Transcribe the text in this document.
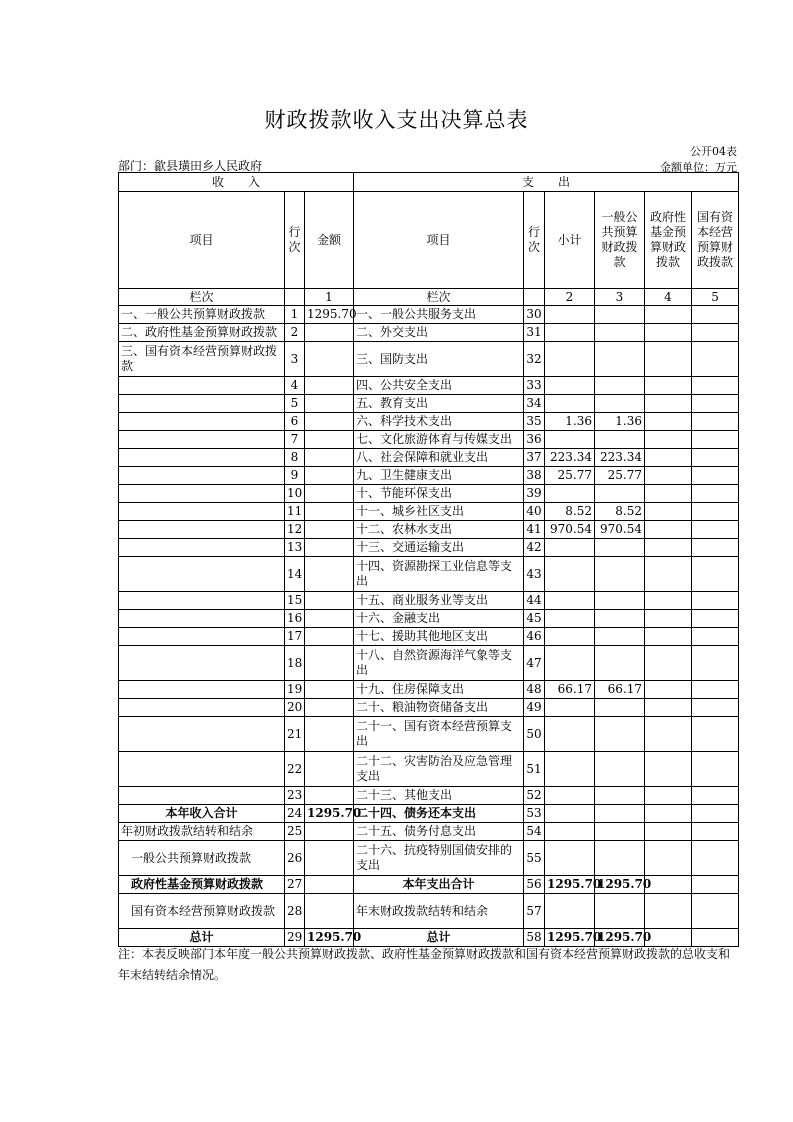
财政拨款收入支出决算总表
公开04表
部门：歙县璜田乡人民政府	金额单位：万元
收　　入			支　　出					
项目	行次	金额	项目	行次	小计	一般公共预算财政拨款	政府性基金预算财政拨款	国有资本经营预算财政拨款
栏次		1	栏次		2	3	4	5
一、一般公共预算财政拨款	1	1295.70	一、一般公共服务支出	30				
二、政府性基金预算财政拨款	2		二、外交支出	31				
三、国有资本经营预算财政拨款	3		三、国防支出	32				
	4		四、公共安全支出	33				
	5		五、教育支出	34				
	6		六、科学技术支出	35	1.36	1.36		
	7		七、文化旅游体育与传媒支出	36				
	8		八、社会保障和就业支出	37	223.34	223.34		
	9		九、卫生健康支出	38	25.77	25.77		
	10		十、节能环保支出	39				
	11		十一、城乡社区支出	40	8.52	8.52		
	12		十二、农林水支出	41	970.54	970.54		
	13		十三、交通运输支出	42				
	14		十四、资源勘探工业信息等支出	43				
	15		十五、商业服务业等支出	44				
	16		十六、金融支出	45				
	17		十七、援助其他地区支出	46				
	18		十八、自然资源海洋气象等支出	47				
	19		十九、住房保障支出	48	66.17	66.17		
	20		二十、粮油物资储备支出	49				
	21		二十一、国有资本经营预算支出	50				
	22		二十二、灾害防治及应急管理支出	51				
	23		二十三、其他支出	52				
本年收入合计	24	1295.70	二十四、债务还本支出	53				
年初财政拨款结转和结余	25		二十五、债务付息支出	54				
一般公共预算财政拨款	26		二十六、抗疫特别国债安排的支出	55				
政府性基金预算财政拨款	27		本年支出合计	56	1295.70	1295.70		
国有资本经营预算财政拨款	28		年末财政拨款结转和结余	57				
总计	29	1295.70	总计	58	1295.70	1295.70		
注：本表反映部门本年度一般公共预算财政拨款、政府性基金预算财政拨款和国有资本经营预算财政拨款的总收支和年末结转结余情况。
